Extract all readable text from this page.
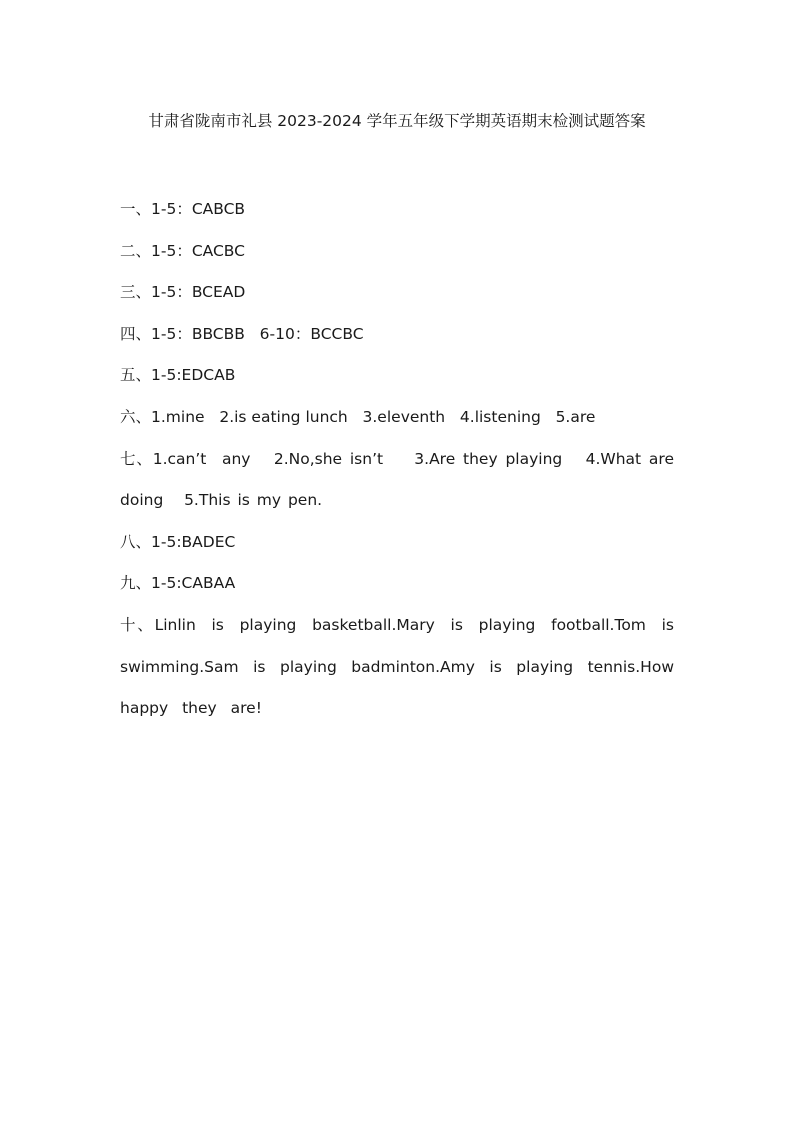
甘肃省陇南市礼县 2023-2024 学年五年级下学期英语期末检测试题答案
一、1-5：CABCB
二、1-5：CACBC
三、1-5：BCEAD
四、1-5：BBCBB   6-10：BCCBC
五、1-5:EDCAB
六、1.mine   2.is eating lunch   3.eleventh   4.listening   5.are
七、1.can’t  any   2.No,she isn’t    3.Are they playing   4.What are doing   5.This is my pen.
八、1-5:BADEC
九、1-5:CABAA
十、Linlin is playing basketball.Mary is playing football.Tom is swimming.Sam is playing badminton.Amy is playing tennis.How happy they are!
